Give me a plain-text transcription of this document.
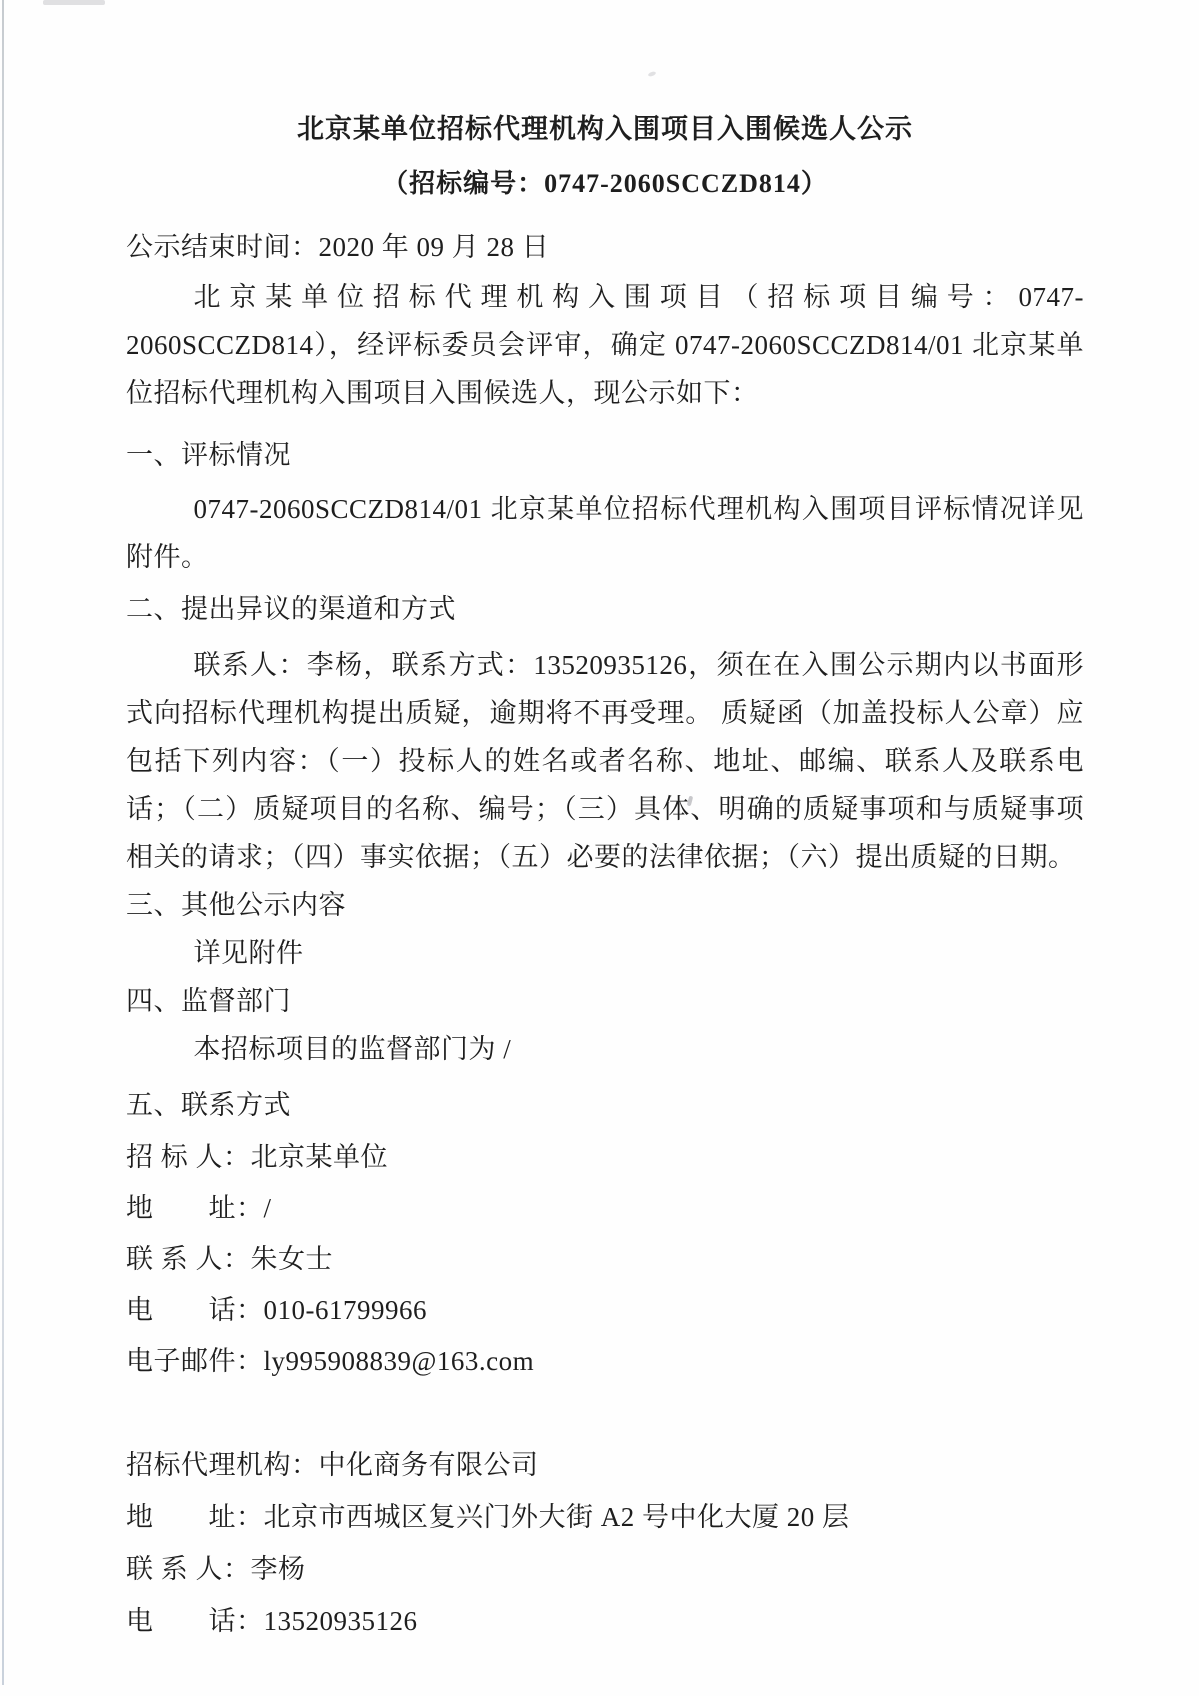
北京某单位招标代理机构入围项目入围候选人公示
（招标编号：0747-2060SCCZD814）

公示结束时间：2020 年 09 月 28 日

北京某单位招标代理机构入围项目（招标项目编号：0747-2060SCCZD814），经评标委员会评审，确定 0747-2060SCCZD814/01 北京某单位招标代理机构入围项目入围候选人，现公示如下：

一、评标情况

0747-2060SCCZD814/01 北京某单位招标代理机构入围项目评标情况详见附件。

二、提出异议的渠道和方式

联系人：李杨，联系方式：13520935126，须在在入围公示期内以书面形式向招标代理机构提出质疑，逾期将不再受理。 质疑函（加盖投标人公章）应包括下列内容：（一）投标人的姓名或者名称、地址、邮编、联系人及联系电话；（二）质疑项目的名称、编号；（三）具体、明确的质疑事项和与质疑事项相关的请求；（四）事实依据；（五）必要的法律依据；（六）提出质疑的日期。

三、其他公示内容

详见附件

四、监督部门

本招标项目的监督部门为 /

五、联系方式

招 标 人：北京某单位
地　　址：/
联 系 人：朱女士
电　　话：010-61799966
电子邮件：ly995908839@163.com
招标代理机构：中化商务有限公司
地　　址：北京市西城区复兴门外大街 A2 号中化大厦 20 层
联 系 人：李杨
电　　话：13520935126
